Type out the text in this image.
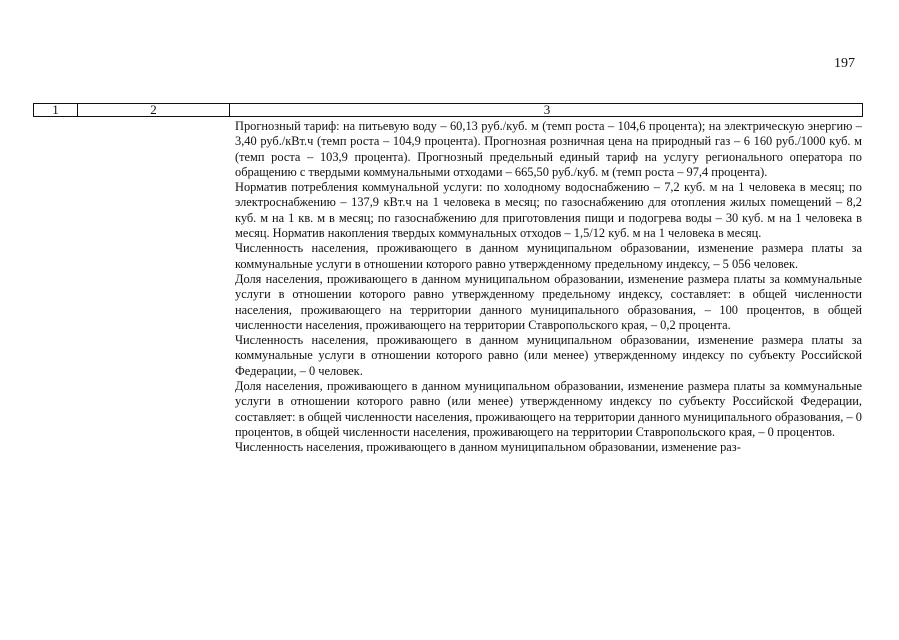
197
1	2	3

Прогнозный тариф: на питьевую воду – 60,13 руб./куб. м (темп роста – 104,6 процента); на электрическую энергию – 3,40 руб./кВт.ч (темп роста – 104,9 процента). Прогнозная розничная цена на природный газ – 6 160 руб./1000 куб. м (темп роста – 103,9 процента). Прогнозный предельный единый тариф на услугу регионального оператора по обращению с твердыми коммунальными отходами – 665,50 руб./куб. м (темп роста – 97,4 процента).

Норматив потребления коммунальной услуги: по холодному водоснабжению – 7,2 куб. м на 1 человека в месяц; по электроснабжению – 137,9 кВт.ч на 1 человека в месяц; по газоснабжению для отопления жилых помещений – 8,2 куб. м на 1 кв. м в месяц; по газоснабжению для приготовления пищи и подогрева воды – 30 куб. м на 1 человека в месяц. Норматив накопления твердых коммунальных отходов – 1,5/12 куб. м на 1 человека в месяц.

Численность населения, проживающего в данном муниципальном образовании, изменение размера платы за коммунальные услуги в отношении которого равно утвержденному предельному индексу, – 5 056 человек.

Доля населения, проживающего в данном муниципальном образовании, изменение размера платы за коммунальные услуги в отношении которого равно утвержденному предельному индексу, составляет: в общей численности населения, проживающего на территории данного муниципального образования, – 100 процентов, в общей численности населения, проживающего на территории Ставропольского края, – 0,2 процента.

Численность населения, проживающего в данном муниципальном образовании, изменение размера платы за коммунальные услуги в отношении которого равно (или менее) утвержденному индексу по субъекту Российской Федерации, – 0 человек.

Доля населения, проживающего в данном муниципальном образовании, изменение размера платы за коммунальные услуги в отношении которого равно (или менее) утвержденному индексу по субъекту Российской Федерации, составляет: в общей численности населения, проживающего на территории данного муниципального образования, – 0 процентов, в общей численности населения, проживающего на территории Ставропольского края, – 0 процентов.

Численность населения, проживающего в данном муниципальном образовании, изменение раз-
